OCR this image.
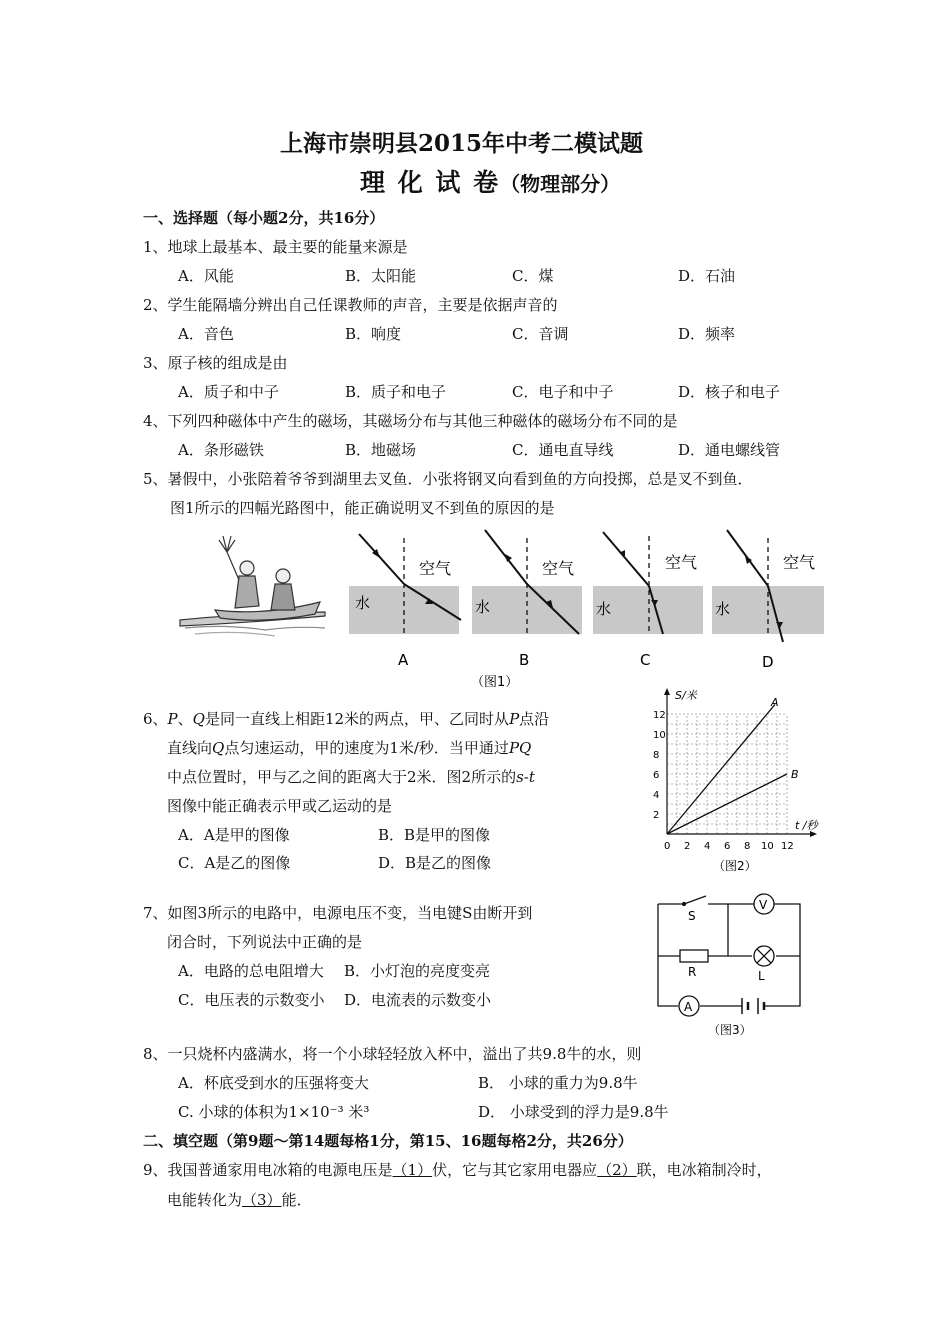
上海市崇明县2015年中考二模试题
理 化 试 卷（物理部分）
一、选择题（每小题2分，共16分）
1、地球上最基本、最主要的能量来源是
A．风能	B．太阳能	C．煤	D．石油
2、学生能隔墙分辨出自己任课教师的声音，主要是依据声音的
A．音色	B．响度	C．音调	D．频率
3、原子核的组成是由
A．质子和中子	B．质子和电子	C．电子和中子	D．核子和电子
4、下列四种磁体中产生的磁场，其磁场分布与其他三种磁体的磁场分布不同的是
A．条形磁铁	B．地磁场	C．通电直导线	D．通电螺线管
5、暑假中，小张陪着爷爷到湖里去叉鱼．小张将钢叉向看到鱼的方向投掷，总是叉不到鱼．
图1所示的四幅光路图中，能正确说明叉不到鱼的原因的是
空气
水
A
空气
水
B
空气
水
C
空气
水
D
（图1）
6、P、Q是同一直线上相距12米的两点，甲、乙同时从P点沿
直线向Q点匀速运动，甲的速度为1米/秒．当甲通过PQ
中点位置时，甲与乙之间的距离大于2米．图2所示的s-t
图像中能正确表示甲或乙运动的是
A．A是甲的图像	B．B是甲的图像
C．A是乙的图像	D．B是乙的图像
A
B
S/米
t /秒
2
4
6
8
10
12
0 2 4 6 8 10 12
（图2）
7、如图3所示的电路中，电源电压不变，当电键S由断开到
闭合时，下列说法中正确的是
A．电路的总电阻增大 B．小灯泡的亮度变亮
C．电压表的示数变小 D．电流表的示数变小
V
A
S
R	L
（图3）
8、一只烧杯内盛满水，将一个小球轻轻放入杯中，溢出了共9.8牛的水，则
A．杯底受到水的压强将变大	B． 小球的重力为9.8牛
C. 小球的体积为1×10⁻³ 米³	D． 小球受到的浮力是9.8牛
二、填空题（第9题～第14题每格1分，第15、16题每格2分，共26分）
9、我国普通家用电冰箱的电源电压是（1）伏，它与其它家用电器应（2）联，电冰箱制冷时，
电能转化为（3）能．
